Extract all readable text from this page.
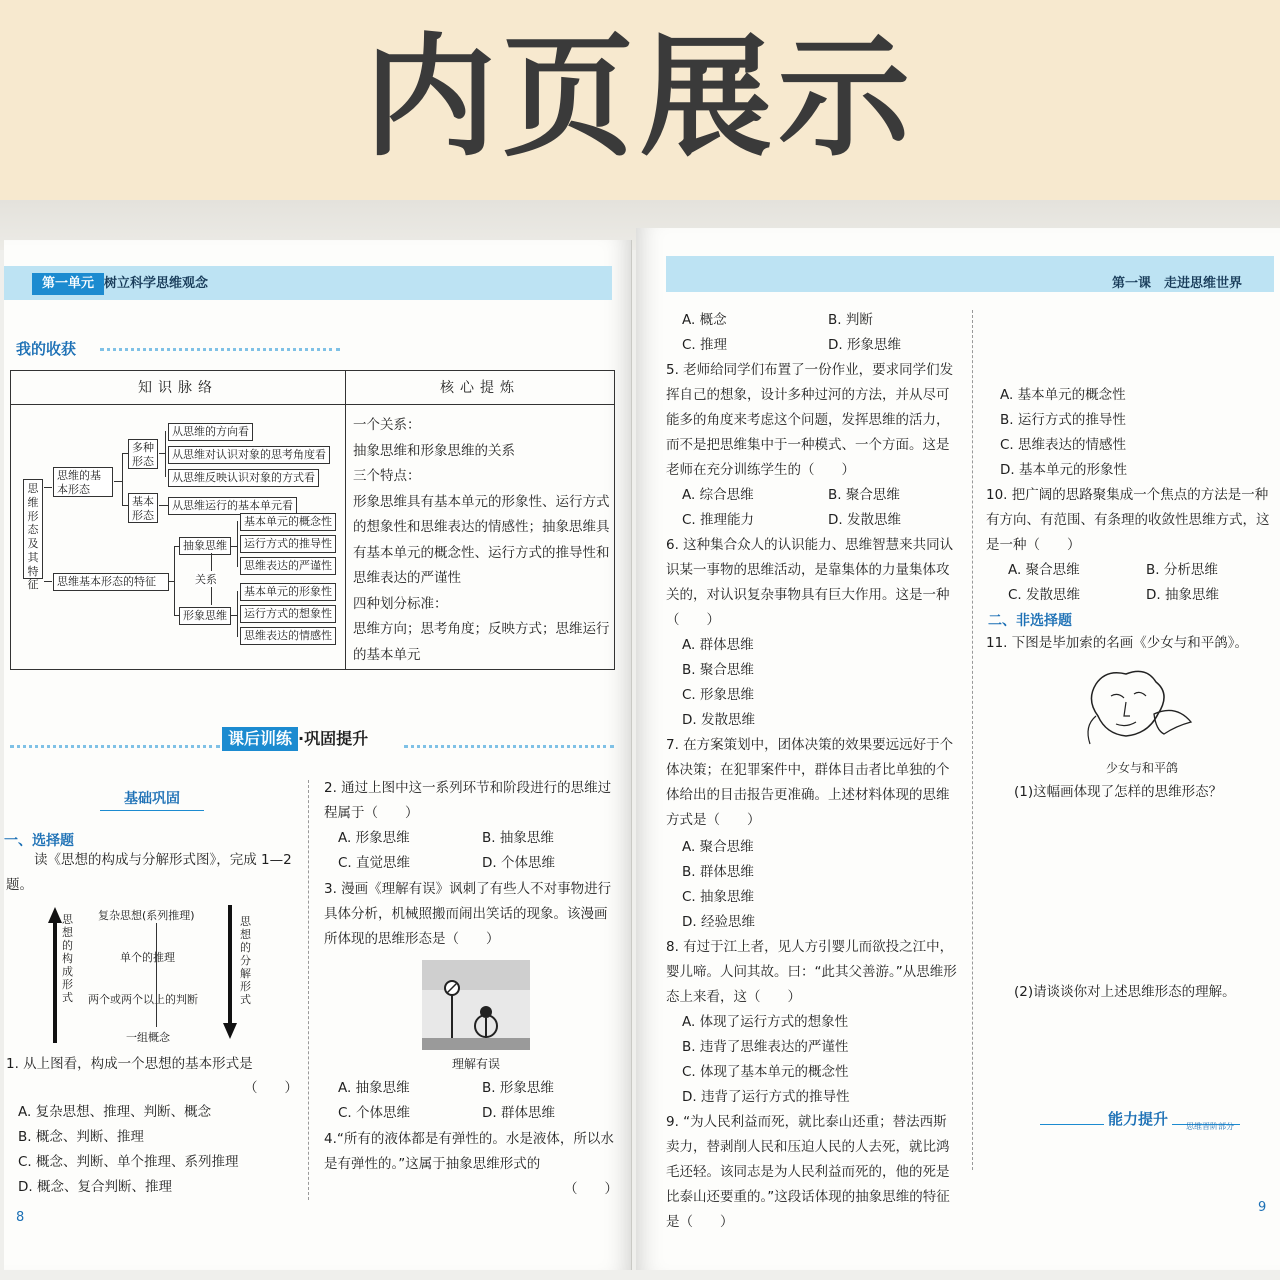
内页展示
第一单元 树立科学思维观念
我的收获
知识脉络	核心提炼
思维形态及其特征
思维的基本形态
多种形态
基本形态
从思维的方向看
从思维对认识对象的思考角度看
从思维反映认识对象的方式看
从思维运行的基本单元看
思维基本形态的特征
抽象思维
形象思维
关系
基本单元的概念性
运行方式的推导性
思维表达的严谨性
基本单元的形象性
运行方式的想象性
思维表达的情感性
一个关系：
抽象思维和形象思维的关系
三个特点：
形象思维具有基本单元的形象性、运行方式的想象性和思维表达的情感性；抽象思维具有基本单元的概念性、运行方式的推导性和思维表达的严谨性
四种划分标准：
思维方向；思考角度；反映方式；思维运行的基本单元
课后训练 ·巩固提升
基础巩固
一、选择题
读《思想的构成与分解形式图》，完成 1—2 题。
思想的构成形式
复杂思想(系列推理)
单个的推理
两个或两个以上的判断
一组概念
思想的分解形式
1. 从上图看，构成一个思想的基本形式是
（　　）
A. 复杂思想、推理、判断、概念
B. 概念、判断、推理
C. 概念、判断、单个推理、系列推理
D. 概念、复合判断、推理
2. 通过上图中这一系列环节和阶段进行的思维过程属于（　　）
A. 形象思维	B. 抽象思维
C. 直觉思维	D. 个体思维
3. 漫画《理解有误》讽刺了有些人不对事物进行具体分析，机械照搬而闹出笑话的现象。该漫画所体现的思维形态是（　　）
理解有误
A. 抽象思维	B. 形象思维
C. 个体思维	D. 群体思维
4.“所有的液体都是有弹性的。水是液体，所以水是有弹性的。”这属于抽象思维形式的
（　　）
8
第一课　走进思维世界
A. 概念	B. 判断
C. 推理	D. 形象思维
5. 老师给同学们布置了一份作业，要求同学们发挥自己的想象，设计多种过河的方法，并从尽可能多的角度来考虑这个问题，发挥思维的活力，而不是把思维集中于一种模式、一个方面。这是老师在充分训练学生的（　　）
A. 综合思维	B. 聚合思维
C. 推理能力	D. 发散思维
6. 这种集合众人的认识能力、思维智慧来共同认识某一事物的思维活动，是靠集体的力量集体攻关的，对认识复杂事物具有巨大作用。这是一种（　　）
A. 群体思维
B. 聚合思维
C. 形象思维
D. 发散思维
7. 在方案策划中，团体决策的效果要远远好于个体决策；在犯罪案件中，群体目击者比单独的个体给出的目击报告更准确。上述材料体现的思维方式是（　　）
A. 聚合思维
B. 群体思维
C. 抽象思维
D. 经验思维
8. 有过于江上者，见人方引婴儿而欲投之江中，婴儿啼。人问其故。曰：“此其父善游。”从思维形态上来看，这（　　）
A. 体现了运行方式的想象性
B. 违背了思维表达的严谨性
C. 体现了基本单元的概念性
D. 违背了运行方式的推导性
9. “为人民利益而死，就比泰山还重；替法西斯卖力，替剥削人民和压迫人民的人去死，就比鸿毛还轻。该同志是为人民利益而死的，他的死是比泰山还要重的。”这段话体现的抽象思维的特征是（　　）
A. 基本单元的概念性
B. 运行方式的推导性
C. 思维表达的情感性
D. 基本单元的形象性
10. 把广阔的思路聚集成一个焦点的方法是一种有方向、有范围、有条理的收敛性思维方式，这是一种（　　）
A. 聚合思维	B. 分析思维
C. 发散思维	D. 抽象思维
二、非选择题
11. 下图是毕加索的名画《少女与和平鸽》。
少女与和平鸽
(1)这幅画体现了怎样的思维形态？
(2)请谈谈你对上述思维形态的理解。
能力提升	思维晋阶部分
9
